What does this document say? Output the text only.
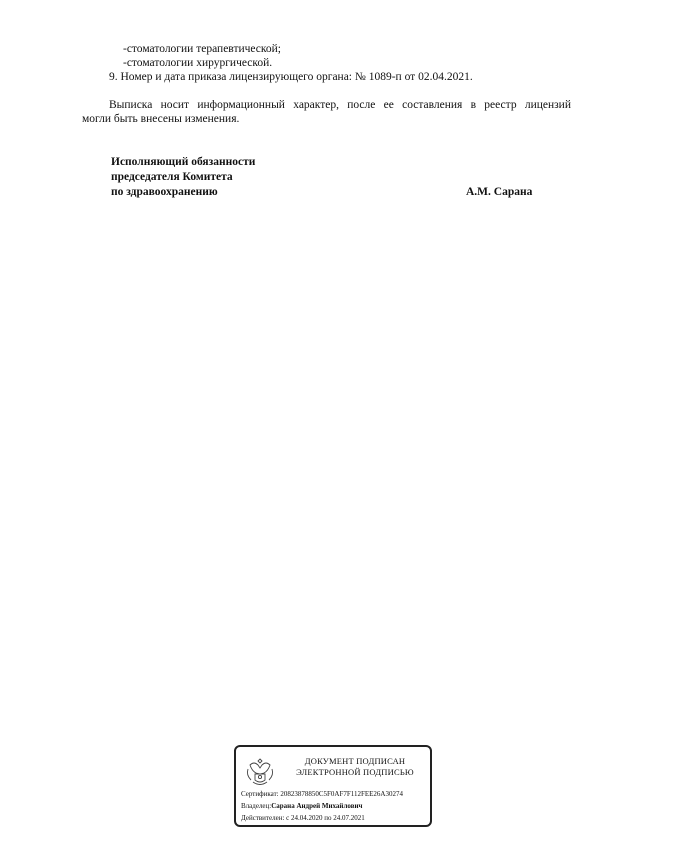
-стоматологии терапевтической;
-стоматологии хирургической.
9. Номер и дата приказа лицензирующего органа: № 1089-п от 02.04.2021.
Выписка носит информационный характер, после ее составления в реестр лицензий
могли быть внесены изменения.
Исполняющий обязанности
председателя Комитета
по здравоохранению	А.М. Сарана
ДОКУМЕНТ ПОДПИСАН
ЭЛЕКТРОННОЙ ПОДПИСЬЮ
Сертификат: 20823878850C5F0AF7F112FEE26A30274
Владелец:Сарана Андрей Михайлович
Действителен: с 24.04.2020 по 24.07.2021
